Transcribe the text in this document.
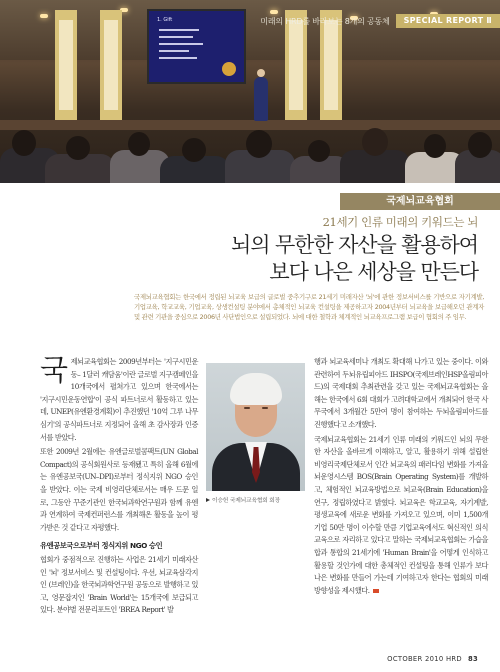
1. Gift	미래의 HRD를 바라보는 8개의 공동체	SPECIAL REPORT Ⅱ
국제뇌교육협회
21세기 인류 미래의 키워드는 뇌
뇌의 무한한 자산을 활용하여
보다 나은 세상을 만든다
국제뇌교육협회는 한국에서 정립된 뇌교육 보급의 글로벌 중추기구로 21세기 미래자산 '뇌'에 관한 정보서비스를 기반으로 자기계발, 기업교육, 학교교육, 기업교육, 상생컨설팅 분야에서 총체적인 뇌교육 컨설팅을 제공하고자 2004년부터 뇌교육을 보급해오던 관계자 및 관련 기관을 중심으로 2006년 사단법인으로 설립되었다. 뇌에 대한 철학과 체계적인 뇌교육프로그램 보급이 협회의 주 임무.

국제뇌교육협회는 2009년부터는 '지구시민운동– 1달러 캐담움'이란 글로벌 지구캠페인을 10개국에서 펼쳐가고 있으며 한국에서는 '지구시민운동연합'이 공식 파트너로서 활동하고 있는데, UNEP(유엔환경계획)이 추진했던 '10억 그루 나무심기'의 공식파트너로 지정되어 올해 초 감사장과 인증서를 받았다.

또한 2009년 2월에는 유엔글로벌콤팩트(UN Global Compact)의 공식회원사로 등재됐고 특히 올해 6월에는 유엔공보국(UN–DPI)로부터 정식지위 NGO 승인을 받았다. 이는 국제 비영리단체로서는 매우 드문 일로, 그동안 꾸준기관인 한국뇌과학연구원과 함께 유엔과 연계하여 국제컨퍼런스를 개최해온 활동을 높이 평가받은 것 같다고 자평했다.

유엔공보국으로부터 정식지위 NGO 승인

협회가 중점적으로 진행하는 사업은 21세기 미래자산인 '뇌' 정보서비스 및 컨설팅이다. 우선, 뇌교육삼각지인 (브레인)을 한국뇌과학연구원 공동으로 발행하고 있고, 영문잡지인 'Brain World'는 15개국에 보급되고 있다. 분야별 전문리포트인 'BREA Report' 발

이승헌 국제뇌교육협회 회장

행과 뇌교육세미나 개최도 확대해 나가고 있는 중이다. 이와 관련하여 두뇌유립피아드 IHSPO(국제브레인HSP올림피아드)의 국제대회 추최관련을 갖고 있는 국제뇌교육협회는 올해는 한국에서 6회 대회가 고려대학교에서 개최되어 한국 사무국에서 3개월간 5만여 명이 참여하는 두뇌올림피아드를 진행했다고 소개했다.

국제뇌교육협회는 21세기 인류 미래의 키워드인 뇌의 무한한 자산을 올바르게 이해하고, 알고, 활용하기 위해 설립한 비영리국제단체로서 인간 뇌교육의 패러다임 변화를 가져올 뇌운영시스템 BOS(Brain Operating System)를 개발하고, 체험적인 뇌교육방법으로 뇌교육(Brain Education)을 연구, 정립하였다고 밝혔다. 뇌교육은 학교교육, 자기계발, 평생교육에 새로운 변화를 가져오고 있으며, 이미 1,500개 기업 50만 명이 이수할 만큼 기업교육에서도 혁신적인 의식교육으로 자리하고 있다고 말하는 국제뇌교육협회는 가습을합과 통합의 21세기에 'Human Brain'을 어떻게 인식하고 활용할 것인가에 대한 총체적인 컨설팅을 통해 인류가 보다 나은 변화를 만들어 가는데 기여하고자 한다는 협회의 미래 방향성을 제시했다.

OCTOBER 2010 HRD 83
